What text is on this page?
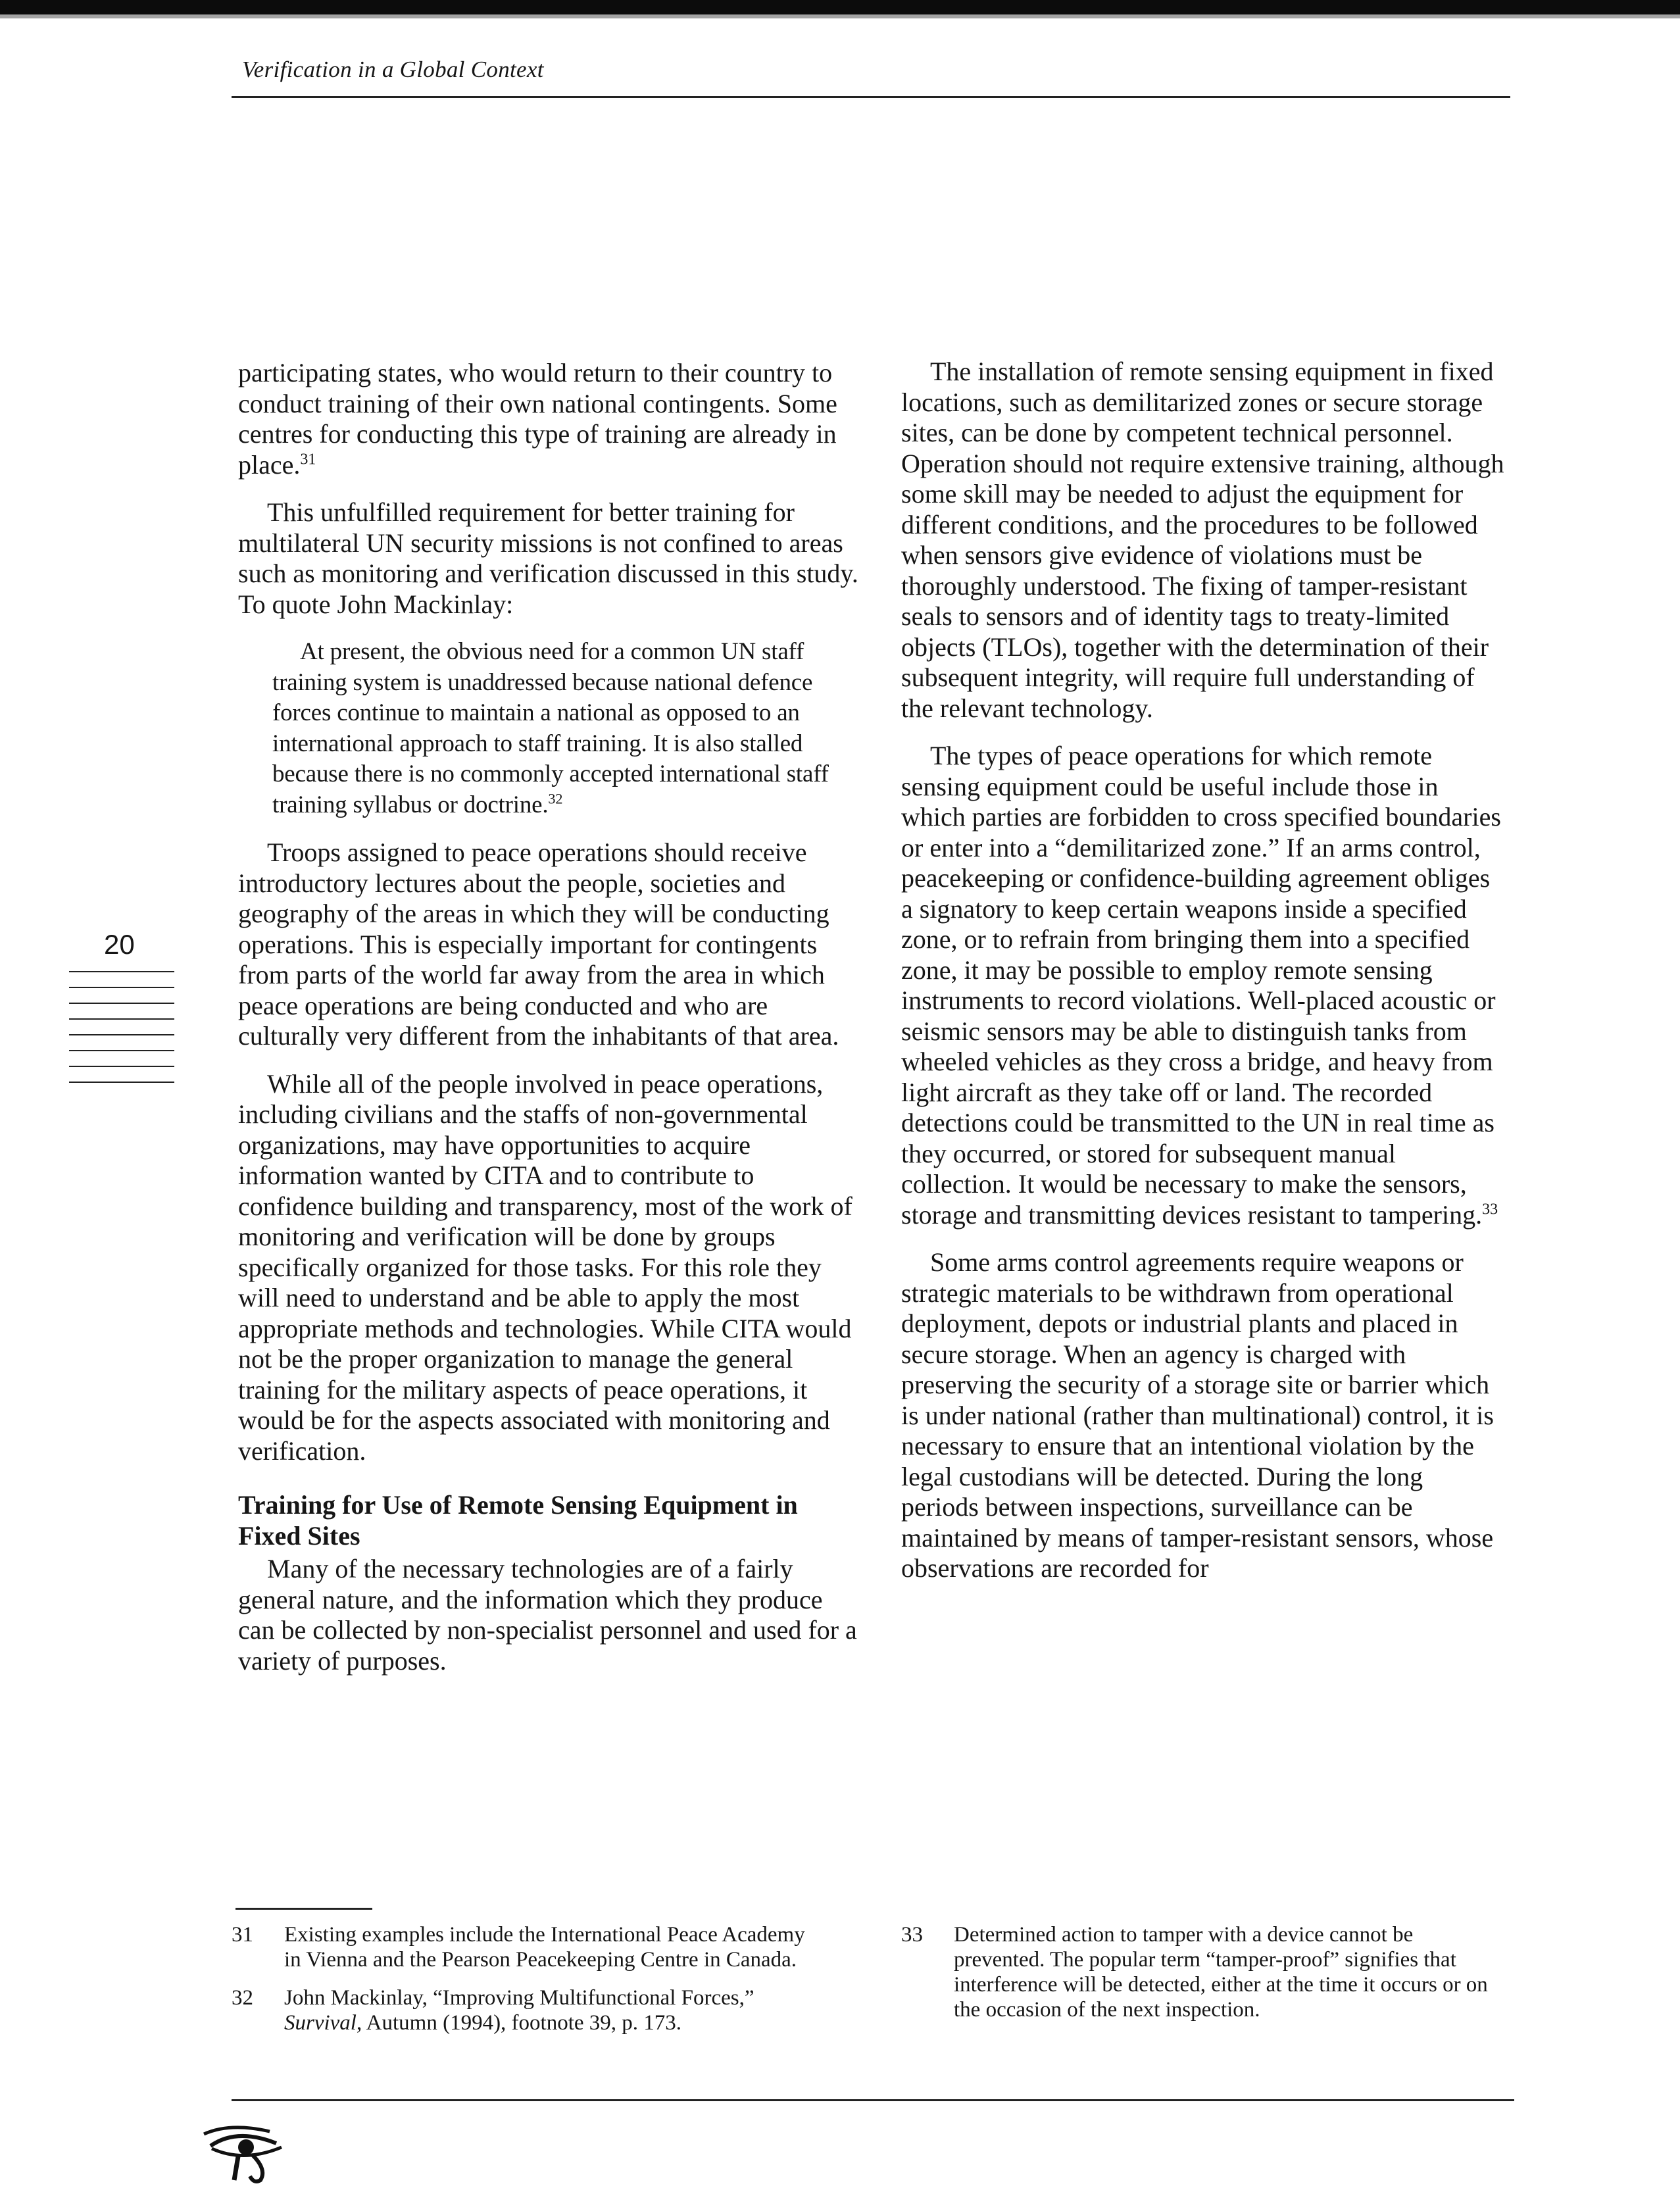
Verification in a Global Context
20

participating states, who would return to their country to conduct training of their own national contingents. Some centres for conducting this type of training are already in place.$^{31}$

This unfulfilled requirement for better training for multilateral UN security missions is not confined to areas such as monitoring and verification discussed in this study. To quote John Mackinlay:

At present, the obvious need for a common UN staff training system is unaddressed because national defence forces continue to maintain a national as opposed to an international approach to staff training. It is also stalled because there is no commonly accepted international staff training syllabus or doctrine.$^{32}$

Troops assigned to peace operations should receive introductory lectures about the people, societies and geography of the areas in which they will be conducting operations. This is especially important for contingents from parts of the world far away from the area in which peace operations are being conducted and who are culturally very different from the inhabitants of that area.

While all of the people involved in peace operations, including civilians and the staffs of non-governmental organizations, may have opportunities to acquire information wanted by CITA and to contribute to confidence building and transparency, most of the work of monitoring and verification will be done by groups specifically organized for those tasks. For this role they will need to understand and be able to apply the most appropriate methods and technologies. While CITA would not be the proper organization to manage the general training for the military aspects of peace operations, it would be for the aspects associated with monitoring and verification.

Training for Use of Remote Sensing Equipment in Fixed Sites

Many of the necessary technologies are of a fairly general nature, and the information which they produce can be collected by non-specialist personnel and used for a variety of purposes.

The installation of remote sensing equipment in fixed locations, such as demilitarized zones or secure storage sites, can be done by competent technical personnel. Operation should not require extensive training, although some skill may be needed to adjust the equipment for different conditions, and the procedures to be followed when sensors give evidence of violations must be thoroughly understood. The fixing of tamper-resistant seals to sensors and of identity tags to treaty-limited objects (TLOs), together with the determination of their subsequent integrity, will require full understanding of the relevant technology.

The types of peace operations for which remote sensing equipment could be useful include those in which parties are forbidden to cross specified boundaries or enter into a “demilitarized zone.” If an arms control, peacekeeping or confidence-building agreement obliges a signatory to keep certain weapons inside a specified zone, or to refrain from bringing them into a specified zone, it may be possible to employ remote sensing instruments to record violations. Well-placed acoustic or seismic sensors may be able to distinguish tanks from wheeled vehicles as they cross a bridge, and heavy from light aircraft as they take off or land. The recorded detections could be transmitted to the UN in real time as they occurred, or stored for subsequent manual collection. It would be necessary to make the sensors, storage and transmitting devices resistant to tampering.$^{33}$

Some arms control agreements require weapons or strategic materials to be withdrawn from operational deployment, depots or industrial plants and placed in secure storage. When an agency is charged with preserving the security of a storage site or barrier which is under national (rather than multinational) control, it is necessary to ensure that an intentional violation by the legal custodians will be detected. During the long periods between inspections, surveillance can be maintained by means of tamper-resistant sensors, whose observations are recorded for

31	Existing examples include the International Peace Academy in Vienna and the Pearson Peacekeeping Centre in Canada.
32	John Mackinlay, “Improving Multifunctional Forces,” Survival, Autumn (1994), footnote 39, p. 173.
33	Determined action to tamper with a device cannot be prevented. The popular term “tamper-proof” signifies that interference will be detected, either at the time it occurs or on the occasion of the next inspection.
